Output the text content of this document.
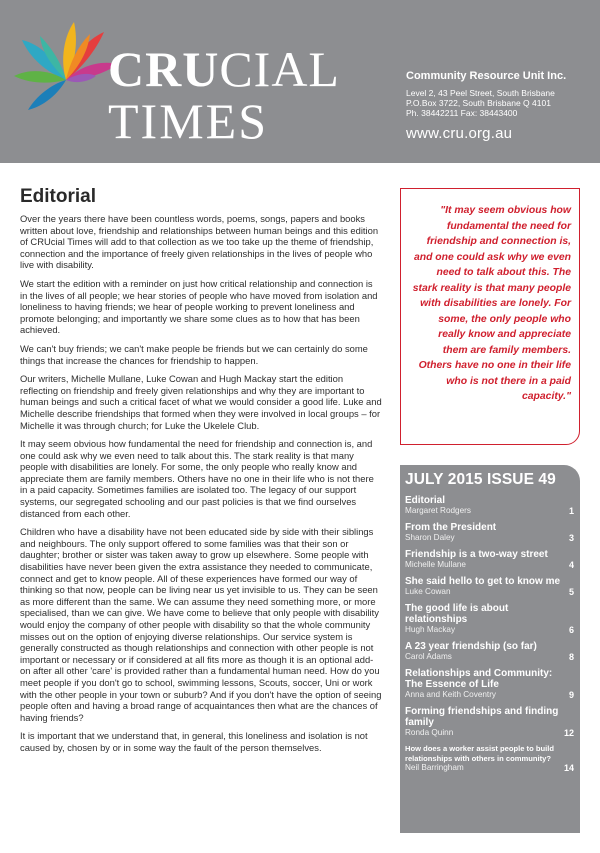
CRUCIAL
TIMES
Community Resource Unit Inc.
Level 2, 43 Peel Street, South Brisbane
P.O.Box 3722, South Brisbane Q 4101
Ph. 38442211 Fax: 38443400
www.cru.org.au
Editorial

Over the years there have been countless words, poems, songs, papers and books written about love, friendship and relationships between human beings and this edition of CRUcial Times will add to that collection as we too take up the theme of friendship, connection and the importance of freely given relationships in the lives of people who live with disability.

We start the edition with a reminder on just how critical relationship and connection is in the lives of all people; we hear stories of people who have moved from isolation and loneliness to having friends; we hear of people working to prevent loneliness and promote belonging; and importantly we share some clues as to how that has been achieved.

We can't buy friends; we can't make people be friends but we can certainly do some things that increase the chances for friendship to happen.

Our writers, Michelle Mullane, Luke Cowan and Hugh Mackay start the edition reflecting on friendship and freely given relationships and why they are important to human beings and such a critical facet of what we would consider a good life. Luke and Michelle describe friendships that formed when they were involved in local groups – for Michelle it was through church; for Luke the Ukelele Club.

It may seem obvious how fundamental the need for friendship and connection is, and one could ask why we even need to talk about this. The stark reality is that many people with disabilities are lonely. For some, the only people who really know and appreciate them are family members. Others have no one in their life who is not there in a paid capacity. Sometimes families are isolated too. The legacy of our support systems, our segregated schooling and our past policies is that we find ourselves distanced from each other.

Children who have a disability have not been educated side by side with their siblings and neighbours. The only support offered to some families was that their son or daughter; brother or sister was taken away to grow up elsewhere. Some people with disabilities have never been given the extra assistance they needed to communicate, connect and get to know people. All of these experiences have formed our way of thinking so that now, people can be living near us yet invisible to us. They can be seen as more different than the same. We can assume they need something more, or more specialised, than we can give. We have come to believe that only people with disability would enjoy the company of other people with disability so that the whole community misses out on the option of enjoying diverse relationships. Our service system is generally constructed as though relationships and connection with other people is not important or necessary or if considered at all fits more as though it is an optional add-on after all other 'care' is provided rather than a fundamental human need. How do you meet people if you don't go to school, swimming lessons, Scouts, soccer, Uni or work with the other people in your town or suburb? And if you don't have the option of seeing people often and having a broad range of acquaintances then what are the chances of having friends?

It is important that we understand that, in general, this loneliness and isolation is not caused by, chosen by or in some way the fault of the person themselves.

"It may seem obvious how fundamental the need for friendship and connection is, and one could ask why we even need to talk about this. The stark reality is that many people with disabilities are lonely. For some, the only people who really know and appreciate them are family members. Others have no one in their life who is not there in a paid capacity."
JULY 2015 ISSUE 49
Editorial
Margaret Rodgers	1
From the President
Sharon Daley	3
Friendship is a two-way street
Michelle Mullane	4
She said hello to get to know me
Luke Cowan	5
The good life is about relationships
Hugh Mackay	6
A 23 year friendship (so far)
Carol Adams	8
Relationships and Community: The Essence of Life
Anna and Keith Coventry	9
Forming friendships and finding family
Ronda Quinn	12
How does a worker assist people to build relationships with others in community?
Neil Barringham	14
